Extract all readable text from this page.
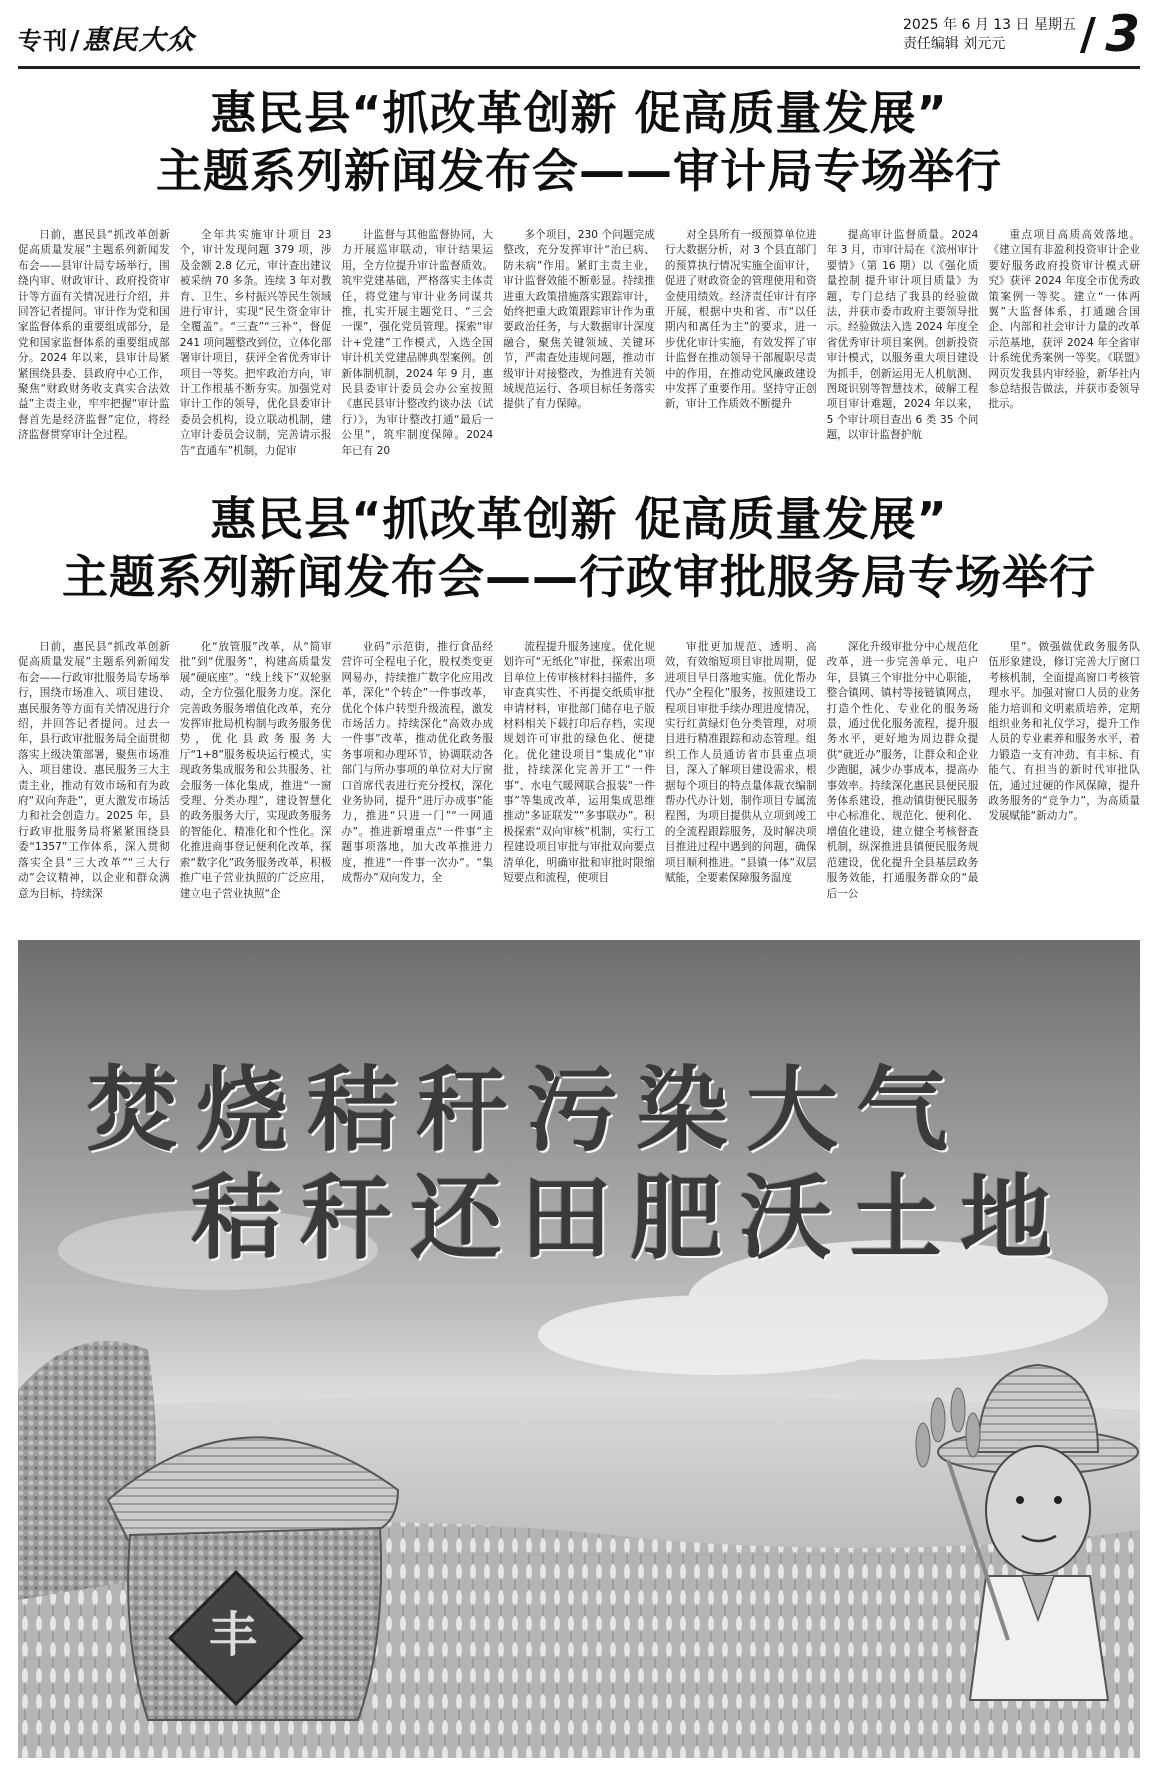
专刊/惠民大众	2025 年 6 月 13 日 星期五
责任编辑 刘元元	/ 3
惠民县“抓改革创新 促高质量发展”
主题系列新闻发布会——审计局专场举行

日前，惠民县“抓改革创新促高质量发展”主题系列新闻发布会——县审计局专场举行，围绕内审、财政审计、政府投资审计等方面有关情况进行介绍，并回答记者提问。审计作为党和国家监督体系的重要组成部分，是党和国家监督体系的重要组成部分。2024 年以来，县审计局紧紧围绕县委、县政府中心工作，聚焦“财政财务收支真实合法效益”主责主业，牢牢把握“审计监督首先是经济监督”定位，将经济监督贯穿审计全过程。

全年共实施审计项目 23 个，审计发现问题 379 项，涉及金额 2.8 亿元，审计查出建议被采纳 70 多条。连续 3 年对教育、卫生、乡村振兴等民生领域进行审计，实现“民生资金审计全覆盖”。“三查”“三补”，督促 241 项问题整改到位，立体化部署审计项目，获评全省优秀审计项目一等奖。把牢政治方向，审计工作根基不断夯实。加强党对审计工作的领导，优化县委审计委员会机构，设立联动机制，建立审计委员会议制，完善请示报告“直通车”机制，力促审

计监督与其他监督协同，大力开展巡审联动，审计结果运用，全方位提升审计监督质效。筑牢党建基础，严格落实主体责任，将党建与审计业务同谋共推，扎实开展主题党日、“三会一课”，强化党员管理。探索“审计+党建”工作模式，入选全国审计机关党建品牌典型案例。创新体制机制，2024 年 9 月，惠民县委审计委员会办公室按照《惠民县审计整改约谈办法（试行）》，为审计整改打通“最后一公里”，筑牢制度保障。2024 年已有 20

多个项目，230 个问题完成整改，充分发挥审计“治已病、防未病”作用。紧盯主责主业，审计监督效能不断彰显。持续推进重大政策措施落实跟踪审计，始终把重大政策跟踪审计作为重要政治任务，与大数据审计深度融合，聚焦关键领域、关键环节，严肃查处违规问题，推动市级审计对接整改，为推进有关领域规范运行、各项目标任务落实提供了有力保障。

对全县所有一级预算单位进行大数据分析，对 3 个县直部门的预算执行情况实施全面审计，促进了财政资金的管理使用和资金使用绩效。经济责任审计有序开展，根据中央和省、市“以任期内和离任为主”的要求，进一步优化审计实施，有效发挥了审计监督在推动领导干部履职尽责中的作用，在推动党风廉政建设中发挥了重要作用。坚持守正创新，审计工作质效不断提升

提高审计监督质量。2024 年 3 月，市审计局在《滨州审计要情》（第 16 期）以《强化质量控制 提升审计项目质量》为题，专门总结了我县的经验做法，并获市委市政府主要领导批示。经验做法入选 2024 年度全省优秀审计项目案例。创新投资审计模式，以服务重大项目建设为抓手，创新运用无人机航测、图斑识别等智慧技术，破解工程项目审计难题，2024 年以来，5 个审计项目查出 6 类 35 个问题，以审计监督护航

重点项目高质高效落地。《建立国有非盈利投资审计企业要好服务政府投资审计模式研究》获评 2024 年度全市优秀政策案例一等奖。建立“一体两翼”大监督体系，打通融合国企、内部和社会审计力量的改革示范基地，获评 2024 年全省审计系统优秀案例一等奖。《联盟》网页发我县内审经验，新华社内参总结报告做法，并获市委领导批示。

惠民县“抓改革创新 促高质量发展”
主题系列新闻发布会——行政审批服务局专场举行

日前，惠民县“抓改革创新促高质量发展”主题系列新闻发布会——行政审批服务局专场举行，围绕市场准入、项目建设、惠民服务等方面有关情况进行介绍，并回答记者提问。过去一年，县行政审批服务局全面贯彻落实上级决策部署，聚焦市场准入、项目建设、惠民服务三大主责主业，推动有效市场和有为政府“双向奔赴”，更大激发市场活力和社会创造力。2025 年，县行政审批服务局将紧紧围绕县委“1357”工作体系，深入贯彻落实全县“三大改革”“三大行动”会议精神，以企业和群众满意为目标，持续深

化“放管服”改革，从“简审批”到“优服务”，构建高质量发展“硬底座”。“线上线下”双轮驱动，全方位强化服务力度。深化完善政务服务增值化改革，充分发挥审批局机构制与政务服务优势，优化县政务服务大厅“1+8”服务板块运行模式，实现政务集成服务和公共服务、社会服务一体化集成，推进“一窗受理、分类办理”，建设智慧化的政务服务大厅，实现政务服务的智能化、精准化和个性化。深化推进商事登记便利化改革，探索“数字化”政务服务改革，积极推广电子营业执照的广泛应用，建立电子营业执照“企

业码”示范街，推行食品经营许可全程电子化，股权类变更网易办，持续推广数字化应用改革，深化“个转企”一件事改革，优化个体户转型升级流程，激发市场活力。持续深化“高效办成一件事”改革，推动优化政务服务事项和办理环节，协调联动各部门与所办事项的单位对大厅窗口首席代表进行充分授权，深化业务协同，提升“进厅办成事”能力，推进“只进一门”“一网通办”。推进新增重点“一件事”主题事项落地，加大改革推进力度，推进“一件事一次办”。“集成帮办”双向发力，全

流程提升服务速度。优化规划许可“无纸化”审批，探索出项目单位上传审核材料扫描件，多审查真实性、不再提交纸质审批申请材料，审批部门储存电子版材料相关下载打印后存档，实现规划许可审批的绿色化、便捷化。优化建设项目“集成化”审批，持续深化完善开工“一件事”、水电气暖网联合报装“一件事”等集成改革，运用集成思维推动“多证联发”“多事联办”。积极探索“双向审核”机制，实行工程建设项目审批与审批双向要点清单化，明确审批和审批时限缩短要点和流程，使项目

审批更加规范、透明、高效，有效缩短项目审批周期，促进项目早日落地实施。优化帮办代办“全程化”服务，按照建设工程项目审批手续办理进度情况，实行红黄绿灯色分类管理，对项目进行精准跟踪和动态管理。组织工作人员通访省市县重点项目，深入了解项目建设需求，根据每个项目的特点量体裁衣编制帮办代办计划，制作项目专属流程图，为项目提供从立项到竣工的全流程跟踪服务，及时解决项目推进过程中遇到的问题，确保项目顺利推进。“县镇一体”双层赋能，全要素保障服务温度

深化升级审批分中心规范化改革，进一步完善单元、电户年，县镇三个审批分中心职能，整合镇网、镇村等接链镇网点，打造个性化、专业化的服务场景，通过优化服务流程，提升服务水平，更好地为周边群众提供“就近办”服务，让群众和企业少跑腿，减少办事成本，提高办事效率。持续深化惠民县便民服务体系建设，推动镇街便民服务中心标准化、规范化、便利化、增值化建设，建立健全考核督查机制，纵深推进县镇便民服务规范建设，优化提升全县基层政务服务效能，打通服务群众的“最后一公

里”。做强做优政务服务队伍形象建设，修订完善大厅窗口考核机制，全面提高窗口考核管理水平。加强对窗口人员的业务能力培训和文明素质培养，定期组织业务和礼仪学习，提升工作人员的专业素养和服务水平，着力锻造一支有冲劲、有丰标、有能气、有担当的新时代审批队伍，通过过硬的作风保障，提升政务服务的“竞争力”，为高质量发展赋能“新动力”。

焚烧秸秆污染大气
秸秆还田肥沃土地
丰
